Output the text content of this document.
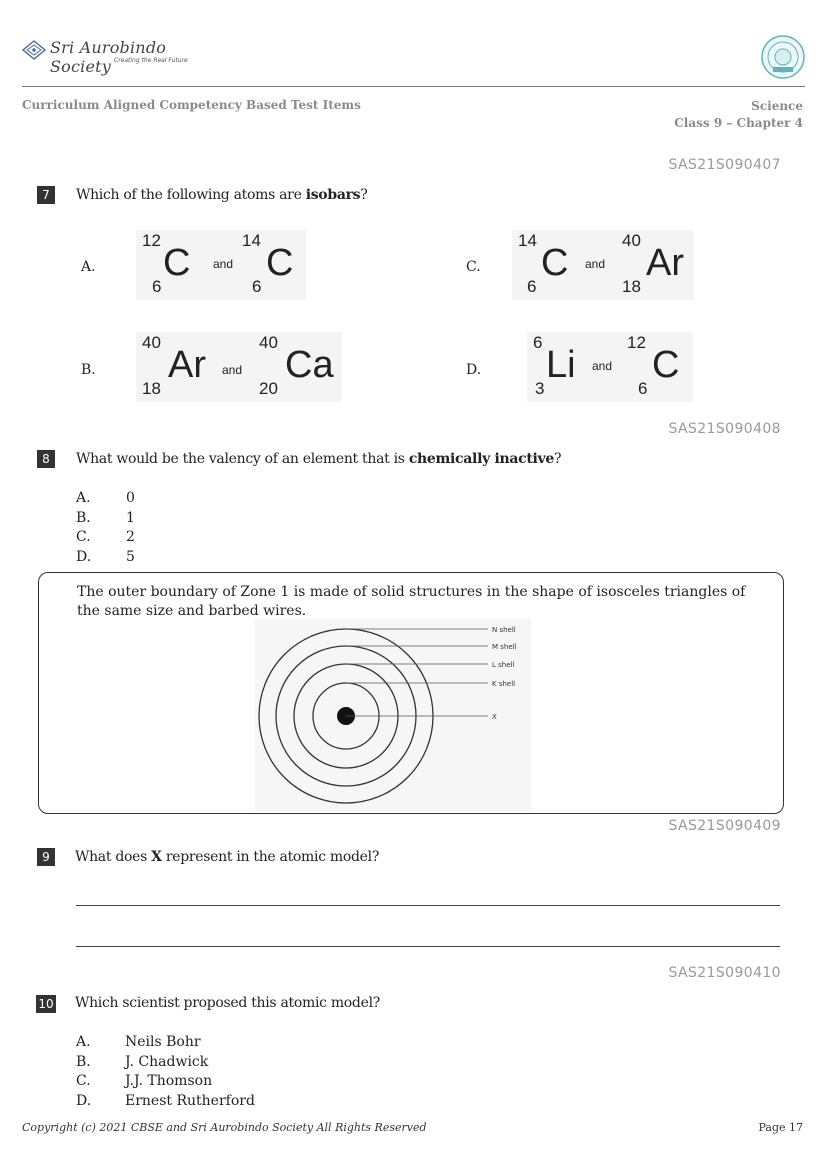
Sri Aurobindo Society Creating the Real Future
Curriculum Aligned Competency Based Test Items	Science
Class 9 – Chapter 4
SAS21S090407
7	Which of the following atoms are isobars?
A.
12
C
6
and
14
C
6
C.
14
C
6
and
40
Ar
18
B.
40
Ar
18
and
40
Ca
20
D.
6
Li
3
and
12
C
6
SAS21S090408
8	What would be the valency of an element that is chemically inactive?
A.	0
B.	1
C.	2
D. 5
The outer boundary of Zone 1 is made of solid structures in the shape of isosceles triangles of the same size and barbed wires.
N shell
M shell
L shell
K shell
X
SAS21S090409
9	What does X represent in the atomic model?
SAS21S090410
10 Which scientist proposed this atomic model?
A. Neils Bohr
B. J. Chadwick
C. J.J. Thomson
D. Ernest Rutherford
Copyright (c) 2021 CBSE and Sri Aurobindo Society All Rights Reserved	Page 17
